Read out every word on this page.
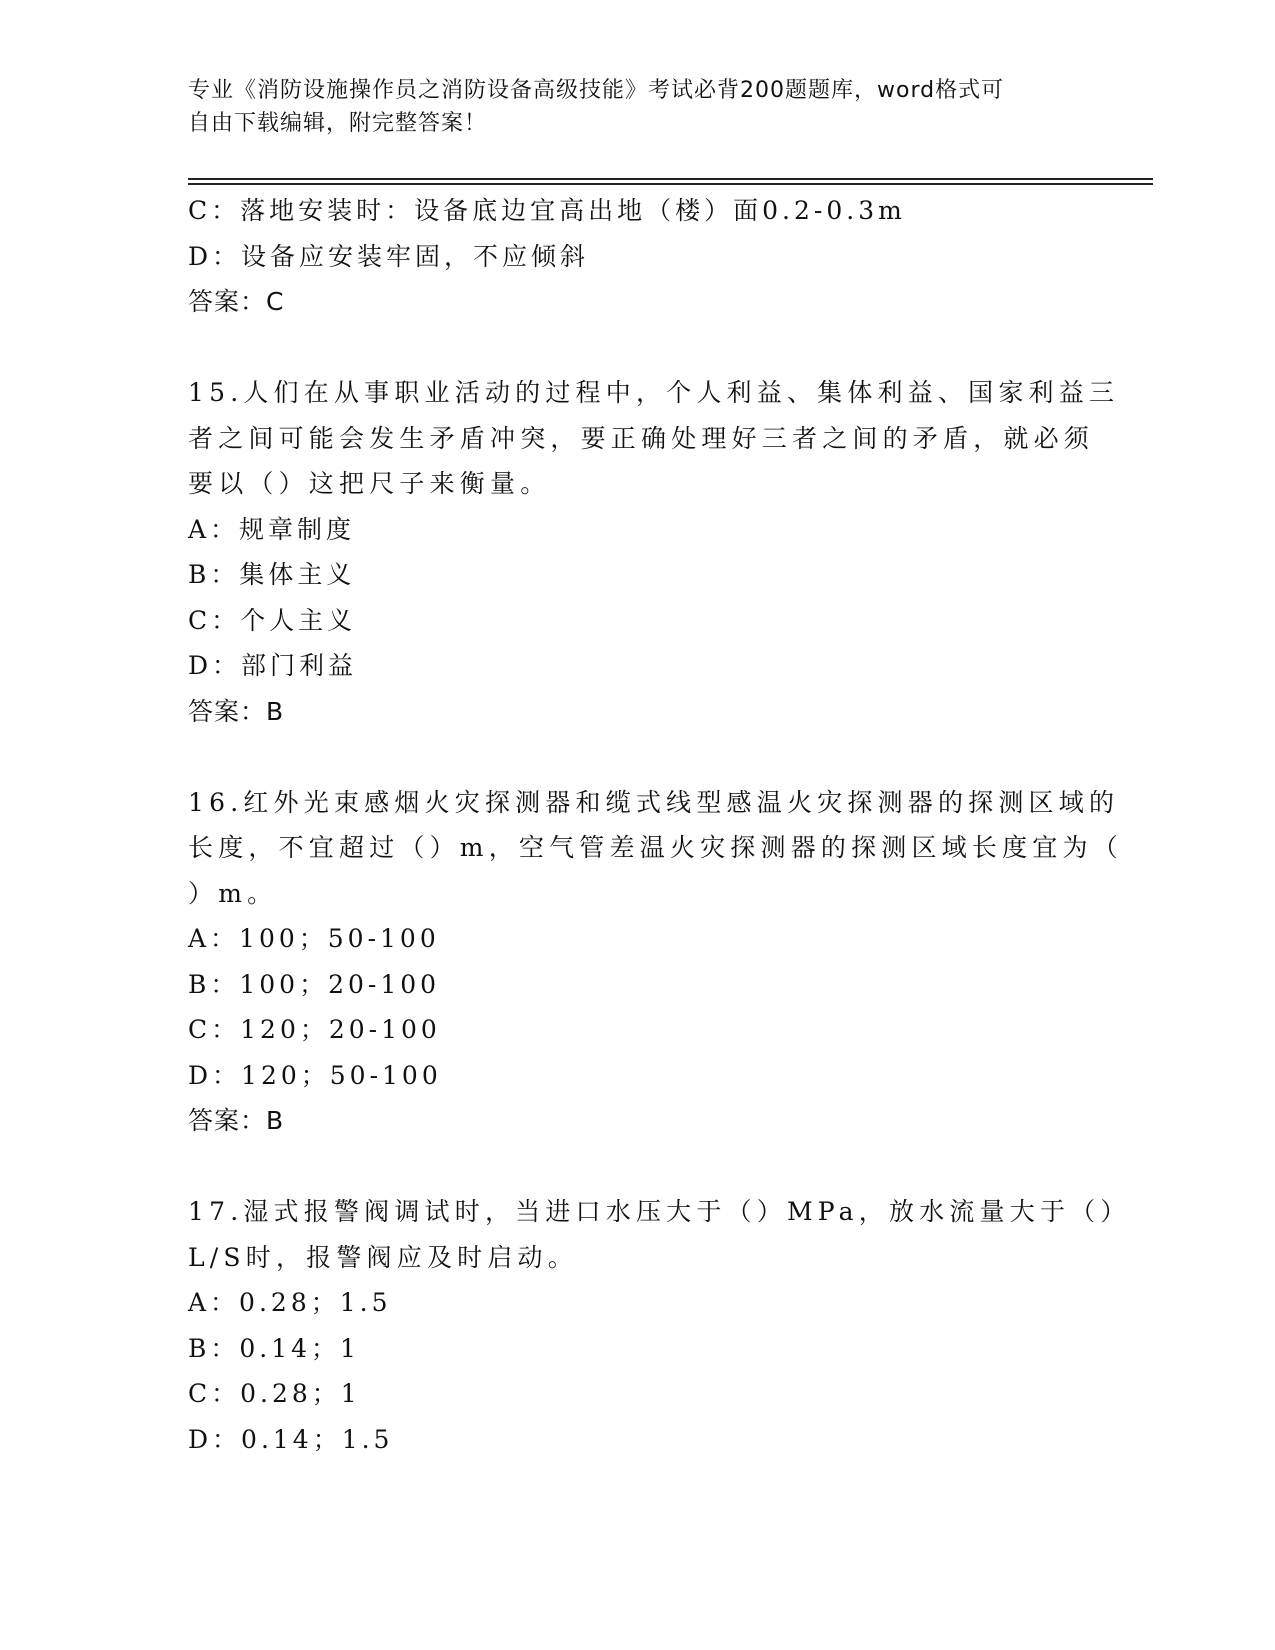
专业《消防设施操作员之消防设备高级技能》考试必背200题题库，word格式可
自由下载编辑，附完整答案！
C：落地安装时：设备底边宜高出地（楼）面0.2-0.3m
D：设备应安装牢固，不应倾斜
答案：C
15.人们在从事职业活动的过程中，个人利益、集体利益、国家利益三
者之间可能会发生矛盾冲突，要正确处理好三者之间的矛盾，就必须
要以（）这把尺子来衡量。
A：规章制度
B：集体主义
C：个人主义
D：部门利益
答案：B
16.红外光束感烟火灾探测器和缆式线型感温火灾探测器的探测区域的
长度，不宜超过（）m，空气管差温火灾探测器的探测区域长度宜为（
）m。
A：100；50-100
B：100；20-100
C：120；20-100
D：120；50-100
答案：B
17.湿式报警阀调试时，当进口水压大于（）MPa，放水流量大于（）
L/S时，报警阀应及时启动。
A：0.28；1.5
B：0.14；1
C：0.28；1
D：0.14；1.5
